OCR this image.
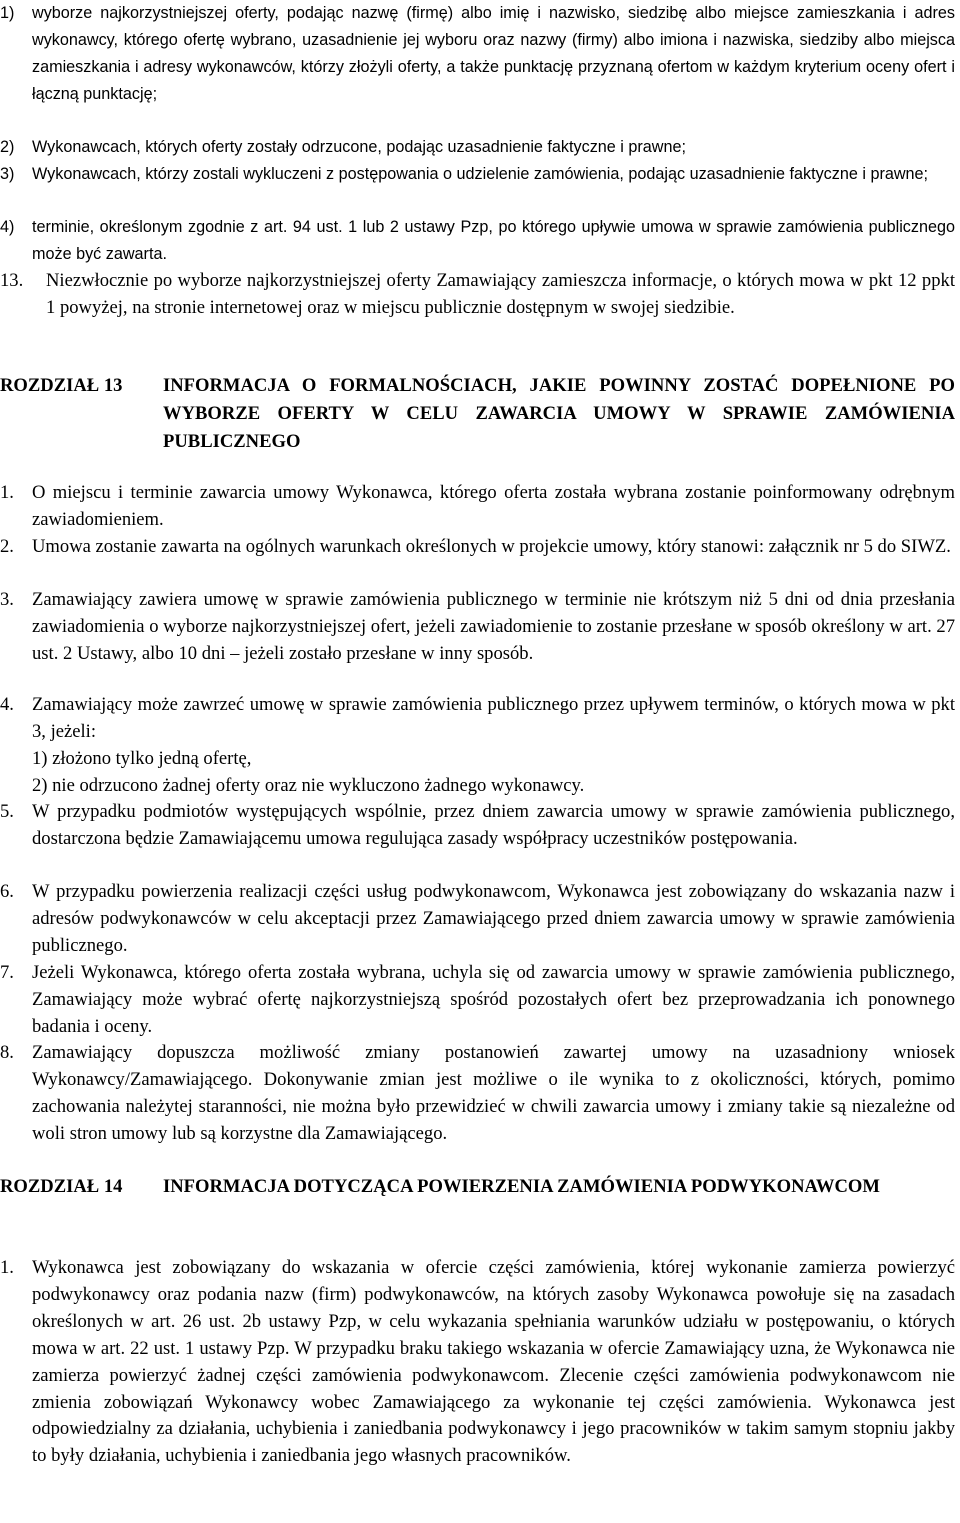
1) wyborze najkorzystniejszej oferty, podając nazwę (firmę) albo imię i nazwisko, siedzibę albo miejsce zamieszkania i adres wykonawcy, którego ofertę wybrano, uzasadnienie jej wyboru oraz nazwy (firmy) albo imiona i nazwiska, siedziby albo miejsca zamieszkania i adresy wykonawców, którzy złożyli oferty, a także punktację przyznaną ofertom w każdym kryterium oceny ofert i łączną punktację;

2) Wykonawcach, których oferty zostały odrzucone, podając uzasadnienie faktyczne i prawne;

3) Wykonawcach, którzy zostali wykluczeni z postępowania o udzielenie zamówienia, podając uzasadnienie faktyczne i prawne;

4) terminie, określonym zgodnie z art. 94 ust. 1 lub 2 ustawy Pzp, po którego upływie umowa w sprawie zamówienia publicznego może być zawarta.

13. Niezwłocznie po wyborze najkorzystniejszej oferty Zamawiający zamieszcza informacje, o których mowa w pkt 12 ppkt 1 powyżej, na stronie internetowej oraz w miejscu publicznie dostępnym w swojej siedzibie.

ROZDZIAŁ 13 INFORMACJA O FORMALNOŚCIACH, JAKIE POWINNY ZOSTAĆ DOPEŁNIONE PO WYBORZE OFERTY W CELU ZAWARCIA UMOWY W SPRAWIE ZAMÓWIENIA PUBLICZNEGO

1. O miejscu i terminie zawarcia umowy Wykonawca, którego oferta została wybrana zostanie poinformowany odrębnym zawiadomieniem.

2. Umowa zostanie zawarta na ogólnych warunkach określonych w projekcie umowy, który stanowi: załącznik nr 5 do SIWZ.

3. Zamawiający zawiera umowę w sprawie zamówienia publicznego w terminie nie krótszym niż 5 dni od dnia przesłania zawiadomienia o wyborze najkorzystniejszej ofert, jeżeli zawiadomienie to zostanie przesłane w sposób określony w art. 27 ust. 2 Ustawy, albo 10 dni – jeżeli zostało przesłane w inny sposób.

4. Zamawiający może zawrzeć umowę w sprawie zamówienia publicznego przez upływem terminów, o których mowa w pkt 3, jeżeli:

1) złożono tylko jedną ofertę,
2) nie odrzucono żadnej oferty oraz nie wykluczono żadnego wykonawcy.

5. W przypadku podmiotów występujących wspólnie, przez dniem zawarcia umowy w sprawie zamówienia publicznego, dostarczona będzie Zamawiającemu umowa regulująca zasady współpracy uczestników postępowania.

6. W przypadku powierzenia realizacji części usług podwykonawcom, Wykonawca jest zobowiązany do wskazania nazw i adresów podwykonawców w celu akceptacji przez Zamawiającego przed dniem zawarcia umowy w sprawie zamówienia publicznego.

7. Jeżeli Wykonawca, którego oferta została wybrana, uchyla się od zawarcia umowy w sprawie zamówienia publicznego, Zamawiający może wybrać ofertę najkorzystniejszą spośród pozostałych ofert bez przeprowadzania ich ponownego badania i oceny.

8. Zamawiający dopuszcza możliwość zmiany postanowień zawartej umowy na uzasadniony wniosek Wykonawcy/Zamawiającego. Dokonywanie zmian jest możliwe o ile wynika to z okoliczności, których, pomimo zachowania należytej staranności, nie można było przewidzieć w chwili zawarcia umowy i zmiany takie są niezależne od woli stron umowy lub są korzystne dla Zamawiającego.

ROZDZIAŁ 14 INFORMACJA DOTYCZĄCA POWIERZENIA ZAMÓWIENIA PODWYKONAWCOM

1. Wykonawca jest zobowiązany do wskazania w ofercie części zamówienia, której wykonanie zamierza powierzyć podwykonawcy oraz podania nazw (firm) podwykonawców, na których zasoby Wykonawca powołuje się na zasadach określonych w art. 26 ust. 2b ustawy Pzp, w celu wykazania spełniania warunków udziału w postępowaniu, o których mowa w art. 22 ust. 1 ustawy Pzp. W przypadku braku takiego wskazania w ofercie Zamawiający uzna, że Wykonawca nie zamierza powierzyć żadnej części zamówienia podwykonawcom. Zlecenie części zamówienia podwykonawcom nie zmienia zobowiązań Wykonawcy wobec Zamawiającego za wykonanie tej części zamówienia. Wykonawca jest odpowiedzialny za działania, uchybienia i zaniedbania podwykonawcy i jego pracowników w takim samym stopniu jakby to były działania, uchybienia i zaniedbania jego własnych pracowników.
